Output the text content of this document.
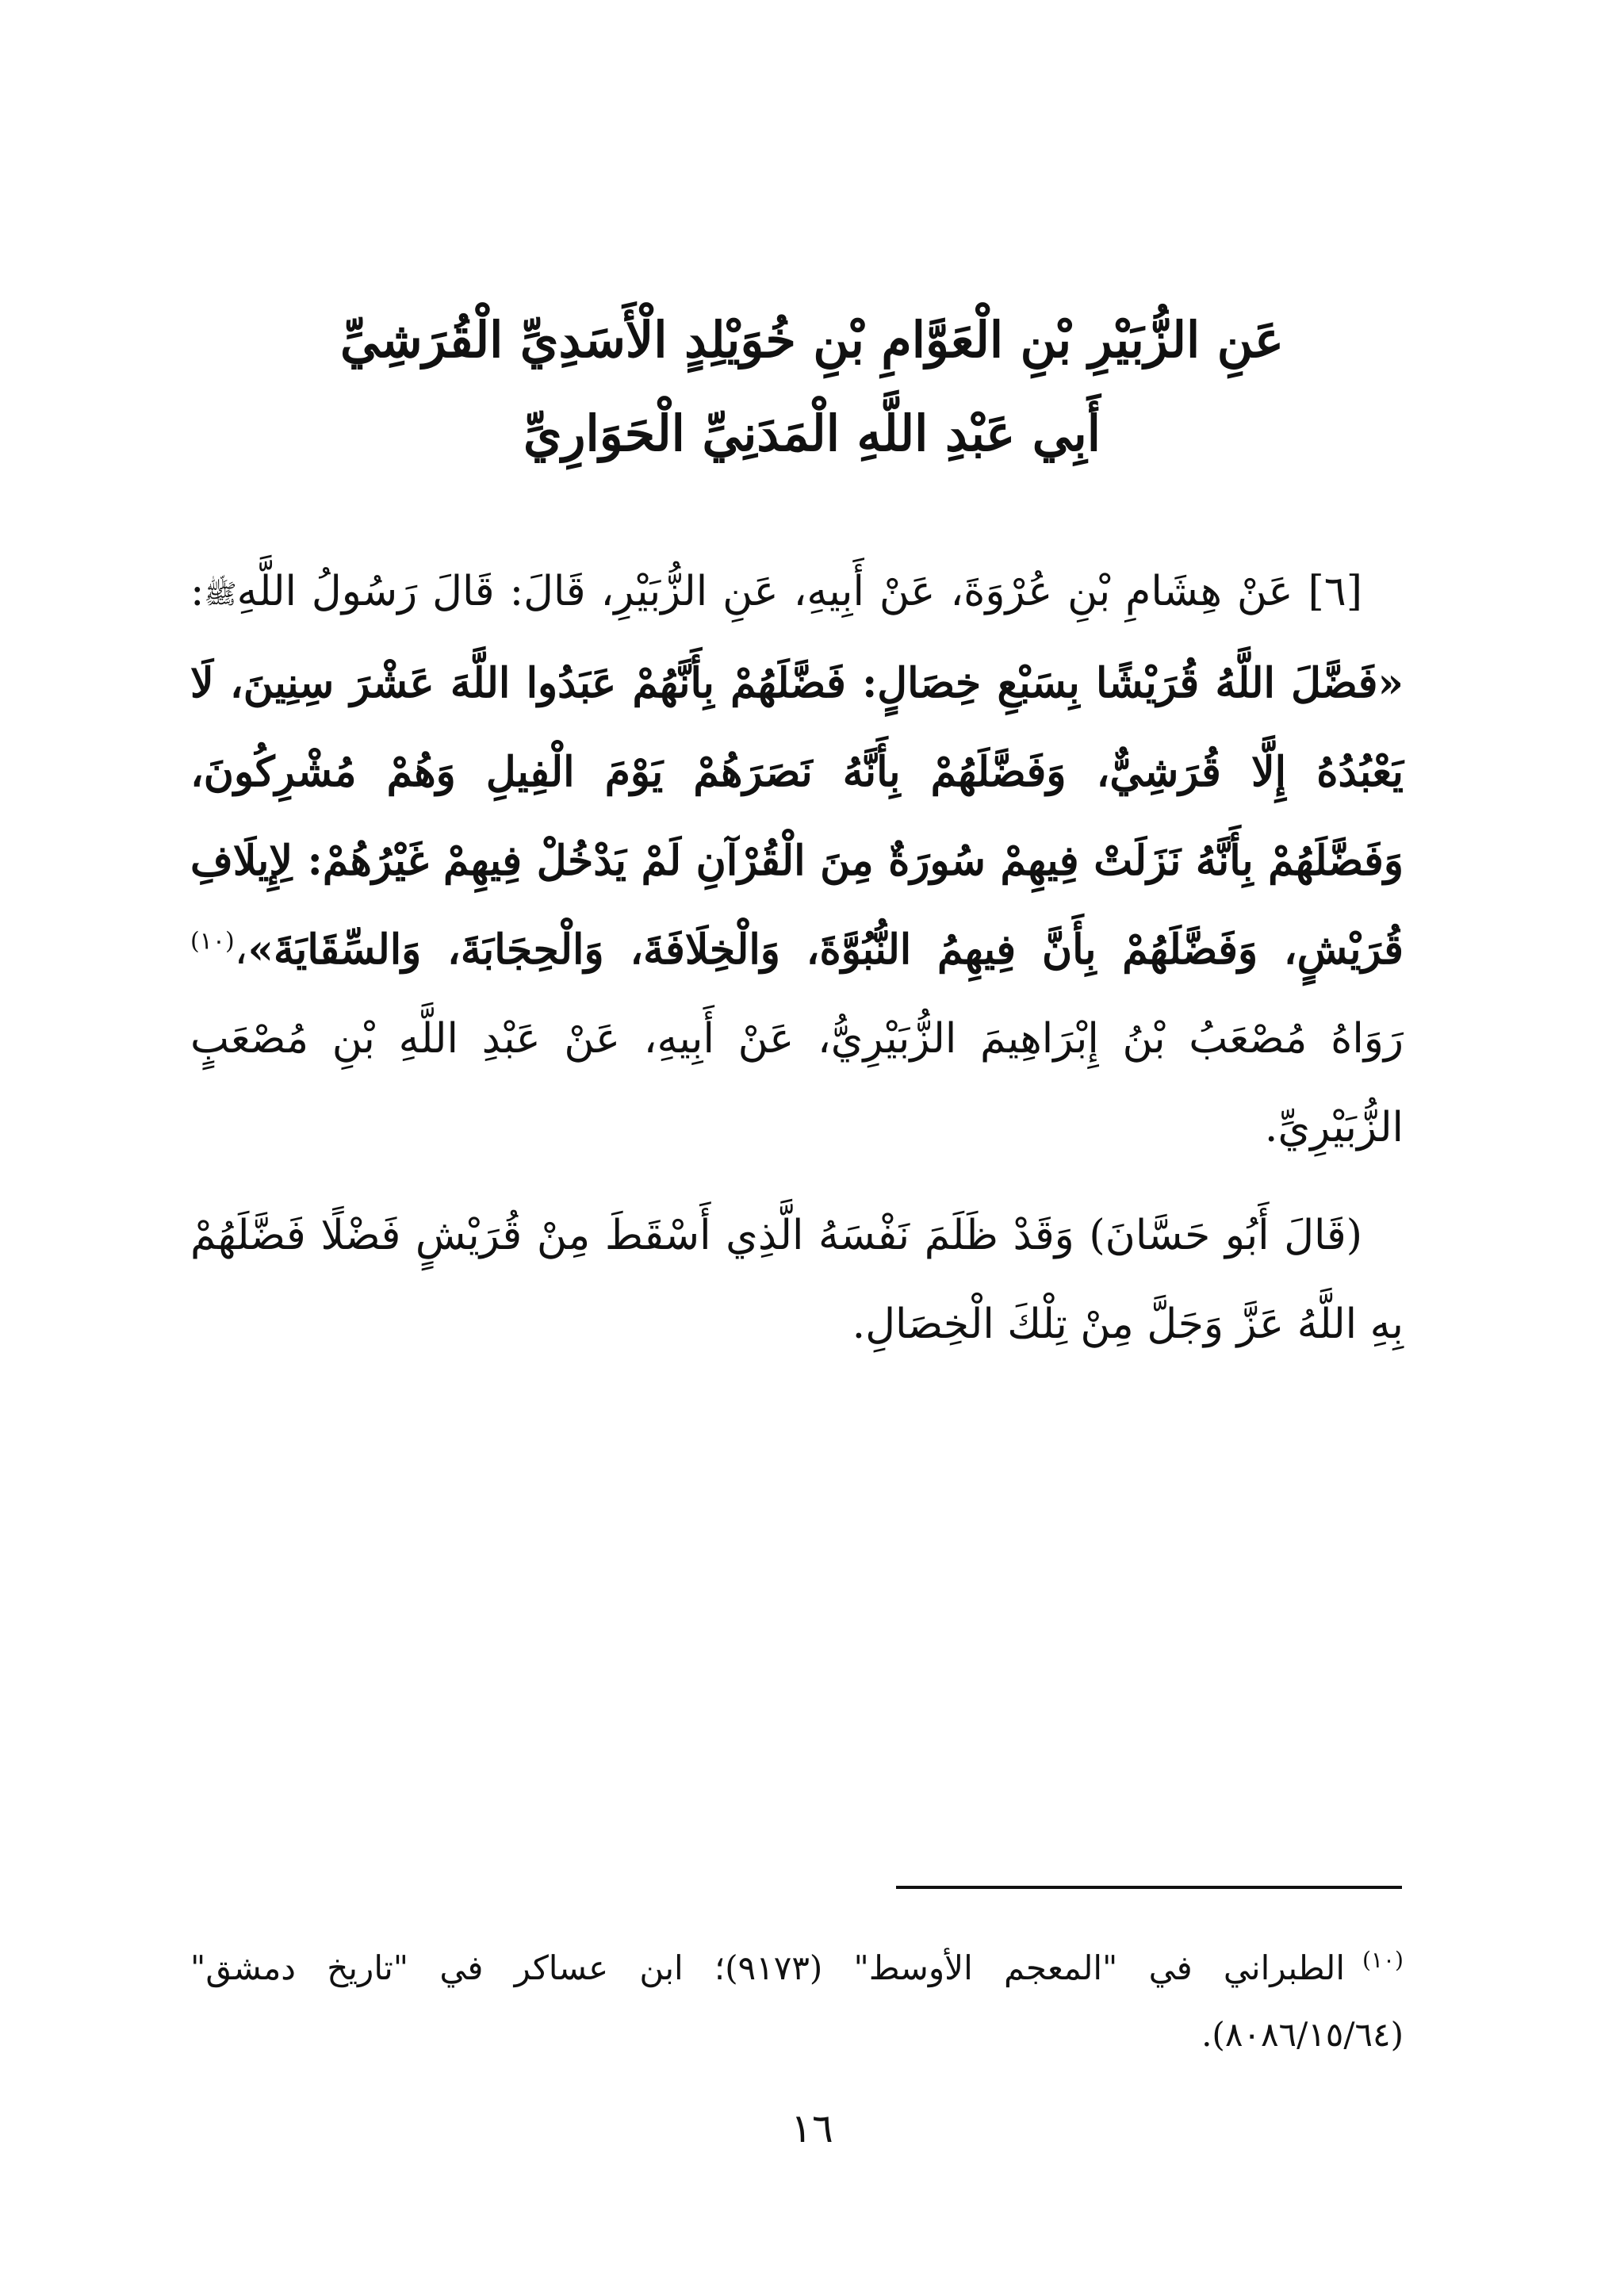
عَنِ الزُّبَيْرِ بْنِ الْعَوَّامِ بْنِ خُوَيْلِدٍ الْأَسَدِيِّ الْقُرَشِيِّ
أَبِي عَبْدِ اللَّهِ الْمَدَنِيِّ الْحَوَارِيِّ

[٦] عَنْ هِشَامِ بْنِ عُرْوَةَ، عَنْ أَبِيهِ، عَنِ الزُّبَيْرِ، قَالَ: قَالَ رَسُولُ اللَّهِﷺ: «فَضَّلَ اللَّهُ قُرَيْشًا بِسَبْعِ خِصَالٍ: فَضَّلَهُمْ بِأَنَّهُمْ عَبَدُوا اللَّهَ عَشْرَ سِنِينَ، لَا يَعْبُدُهُ إِلَّا قُرَشِيٌّ، وَفَضَّلَهُمْ بِأَنَّهُ نَصَرَهُمْ يَوْمَ الْفِيلِ وَهُمْ مُشْرِكُونَ، وَفَضَّلَهُمْ بِأَنَّهُ نَزَلَتْ فِيهِمْ سُورَةٌ مِنَ الْقُرْآنِ لَمْ يَدْخُلْ فِيهِمْ غَيْرُهُمْ: لِإِيلَافِ قُرَيْشٍ، وَفَضَّلَهُمْ بِأَنَّ فِيهِمُ النُّبُوَّةَ، وَالْخِلَافَةَ، وَالْحِجَابَةَ، وَالسِّقَايَةَ»،$^{(١٠)}$ رَوَاهُ مُصْعَبُ بْنُ إِبْرَاهِيمَ الزُّبَيْرِيُّ، عَنْ أَبِيهِ، عَنْ عَبْدِ اللَّهِ بْنِ مُصْعَبٍ الزُّبَيْرِيِّ.

(قَالَ أَبُو حَسَّانَ) وَقَدْ ظَلَمَ نَفْسَهُ الَّذِي أَسْقَطَ مِنْ قُرَيْشٍ فَضْلًا فَضَّلَهُمْ بِهِ اللَّهُ عَزَّ وَجَلَّ مِنْ تِلْكَ الْخِصَالِ.

$^{(١٠)}$الطبراني في "المعجم الأوسط" (٩١٧٣)؛ ابن عساكر في "تاريخ دمشق" (٨٠٨٦/١٥/٦٤).
١٦
